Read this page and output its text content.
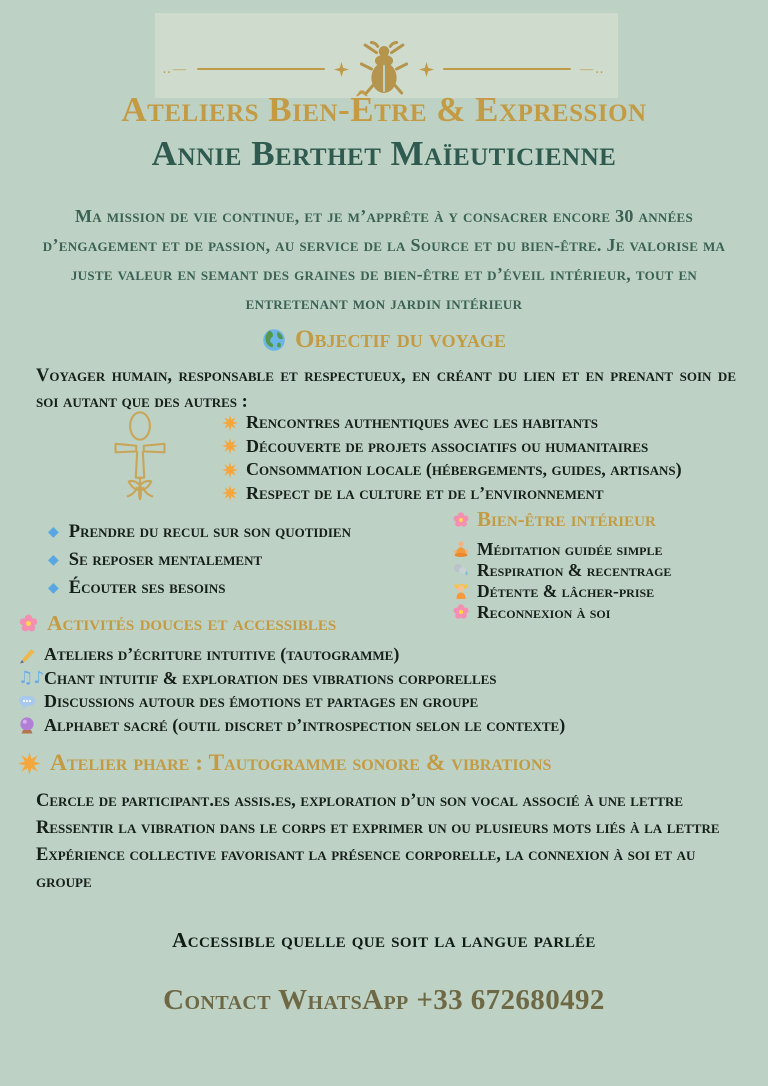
‥—	—‥
Ateliers Bien-Être & Expression
Annie Berthet Maïeuticienne

Ma mission de vie continue, et je m’apprête à y consacrer encore 30 années d’engagement et de passion, au service de la Source et du bien-être. Je valorise ma juste valeur en semant des graines de bien-être et d’éveil intérieur, tout en entretenant mon jardin intérieur

Objectif du voyage

Voyager humain, responsable et respectueux, en créant du lien et en prenant soin de soi autant que des autres :

Rencontres authentiques avec les habitants
Découverte de projets associatifs ou humanitaires
Consommation locale (hébergements, guides, artisans)
Respect de la culture et de l’environnement
◆ Prendre du recul sur son quotidien
◆ Se reposer mentalement
◆ Écouter ses besoins
Bien-être intérieur
Méditation guidée simple
Respiration & recentrage
Détente & lâcher-prise
Reconnexion à soi
Activités douces et accessibles
Ateliers d’écriture intuitive (tautogramme)
♫♪ Chant intuitif & exploration des vibrations corporelles
Discussions autour des émotions et partages en groupe
Alphabet sacré (outil discret d’introspection selon le contexte)
Atelier phare : Tautogramme sonore & vibrations

Cercle de participant.es assis.es, exploration d’un son vocal associé à une lettre

Ressentir la vibration dans le corps et exprimer un ou plusieurs mots liés à la lettre

Expérience collective favorisant la présence corporelle, la connexion à soi et au groupe

Accessible quelle que soit la langue parlée

Contact WhatsApp +33 672680492
